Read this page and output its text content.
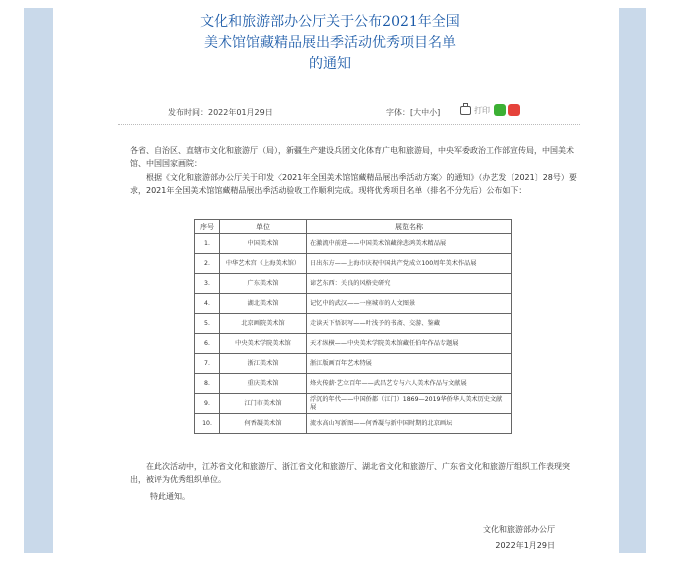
文化和旅游部办公厅关于公布2021年全国
美术馆馆藏精品展出季活动优秀项目名单
的通知
发布时间：2022年01月29日	字体：[大中小]	打印

各省、自治区、直辖市文化和旅游厅（局），新疆生产建设兵团文化体育广电和旅游局，中央军委政治工作部宣传局，中国美术馆、中国国家画院：

根据《文化和旅游部办公厅关于印发〈2021年全国美术馆馆藏精品展出季活动方案〉的通知》（办艺发〔2021〕28号）要求，2021年全国美术馆馆藏精品展出季活动验收工作顺利完成。现将优秀项目名单（排名不分先后）公布如下：

序号	单位	展览名称
1.	中国美术馆	在激流中前进——中国美术馆藏徐悲鸿美术精品展
2.	中华艺术宫（上海美术馆）	日出东方——上海市庆祝中国共产党成立100周年美术作品展
3.	广东美术馆	谛艺东西：关良的风格史研究
4.	湖北美术馆	记忆中的武汉——一座城市的人文图景
5.	北京画院美术馆	走读天下悟识写——叶浅予的书斋、交游、鉴藏
6.	中央美术学院美术馆	天才纵横——中央美术学院美术馆藏任伯年作品专题展
7.	浙江美术馆	浙江版画百年艺术特展
8.	重庆美术馆	烽火传薪·艺立百年——武昌艺专与六人美术作品与文献展
9.	江门市美术馆	浮沉的年代——中国侨都（江门）1869—2019华侨华人美术历史文献展
10.	何香凝美术馆	流水高山写新图——何香凝与新中国时期的北京画坛

在此次活动中，江苏省文化和旅游厅、浙江省文化和旅游厅、湖北省文化和旅游厅、广东省文化和旅游厅组织工作表现突出，被评为优秀组织单位。

特此通知。

文化和旅游部办公厅
2022年1月29日
